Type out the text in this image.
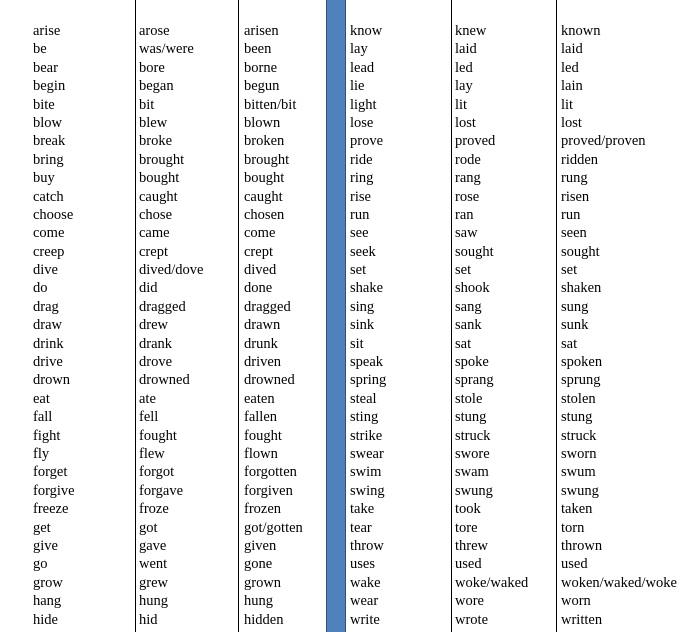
arise
be
bear
begin
bite
blow
break
bring
buy
catch
choose
come
creep
dive
do
drag
draw
drink
drive
drown
eat
fall
fight
fly
forget
forgive
freeze
get
give
go
grow
hang
hide
arose
was/were
bore
began
bit
blew
broke
brought
bought
caught
chose
came
crept
dived/dove
did
dragged
drew
drank
drove
drowned
ate
fell
fought
flew
forgot
forgave
froze
got
gave
went
grew
hung
hid
arisen
been
borne
begun
bitten/bit
blown
broken
brought
bought
caught
chosen
come
crept
dived
done
dragged
drawn
drunk
driven
drowned
eaten
fallen
fought
flown
forgotten
forgiven
frozen
got/gotten
given
gone
grown
hung
hidden
know
lay
lead
lie
light
lose
prove
ride
ring
rise
run
see
seek
set
shake
sing
sink
sit
speak
spring
steal
sting
strike
swear
swim
swing
take
tear
throw
uses
wake
wear
write
knew
laid
led
lay
lit
lost
proved
rode
rang
rose
ran
saw
sought
set
shook
sang
sank
sat
spoke
sprang
stole
stung
struck
swore
swam
swung
took
tore
threw
used
woke/waked
wore
wrote
known
laid
led
lain
lit
lost
proved/proven
ridden
rung
risen
run
seen
sought
set
shaken
sung
sunk
sat
spoken
sprung
stolen
stung
struck
sworn
swum
swung
taken
torn
thrown
used
woken/waked/woke
worn
written
